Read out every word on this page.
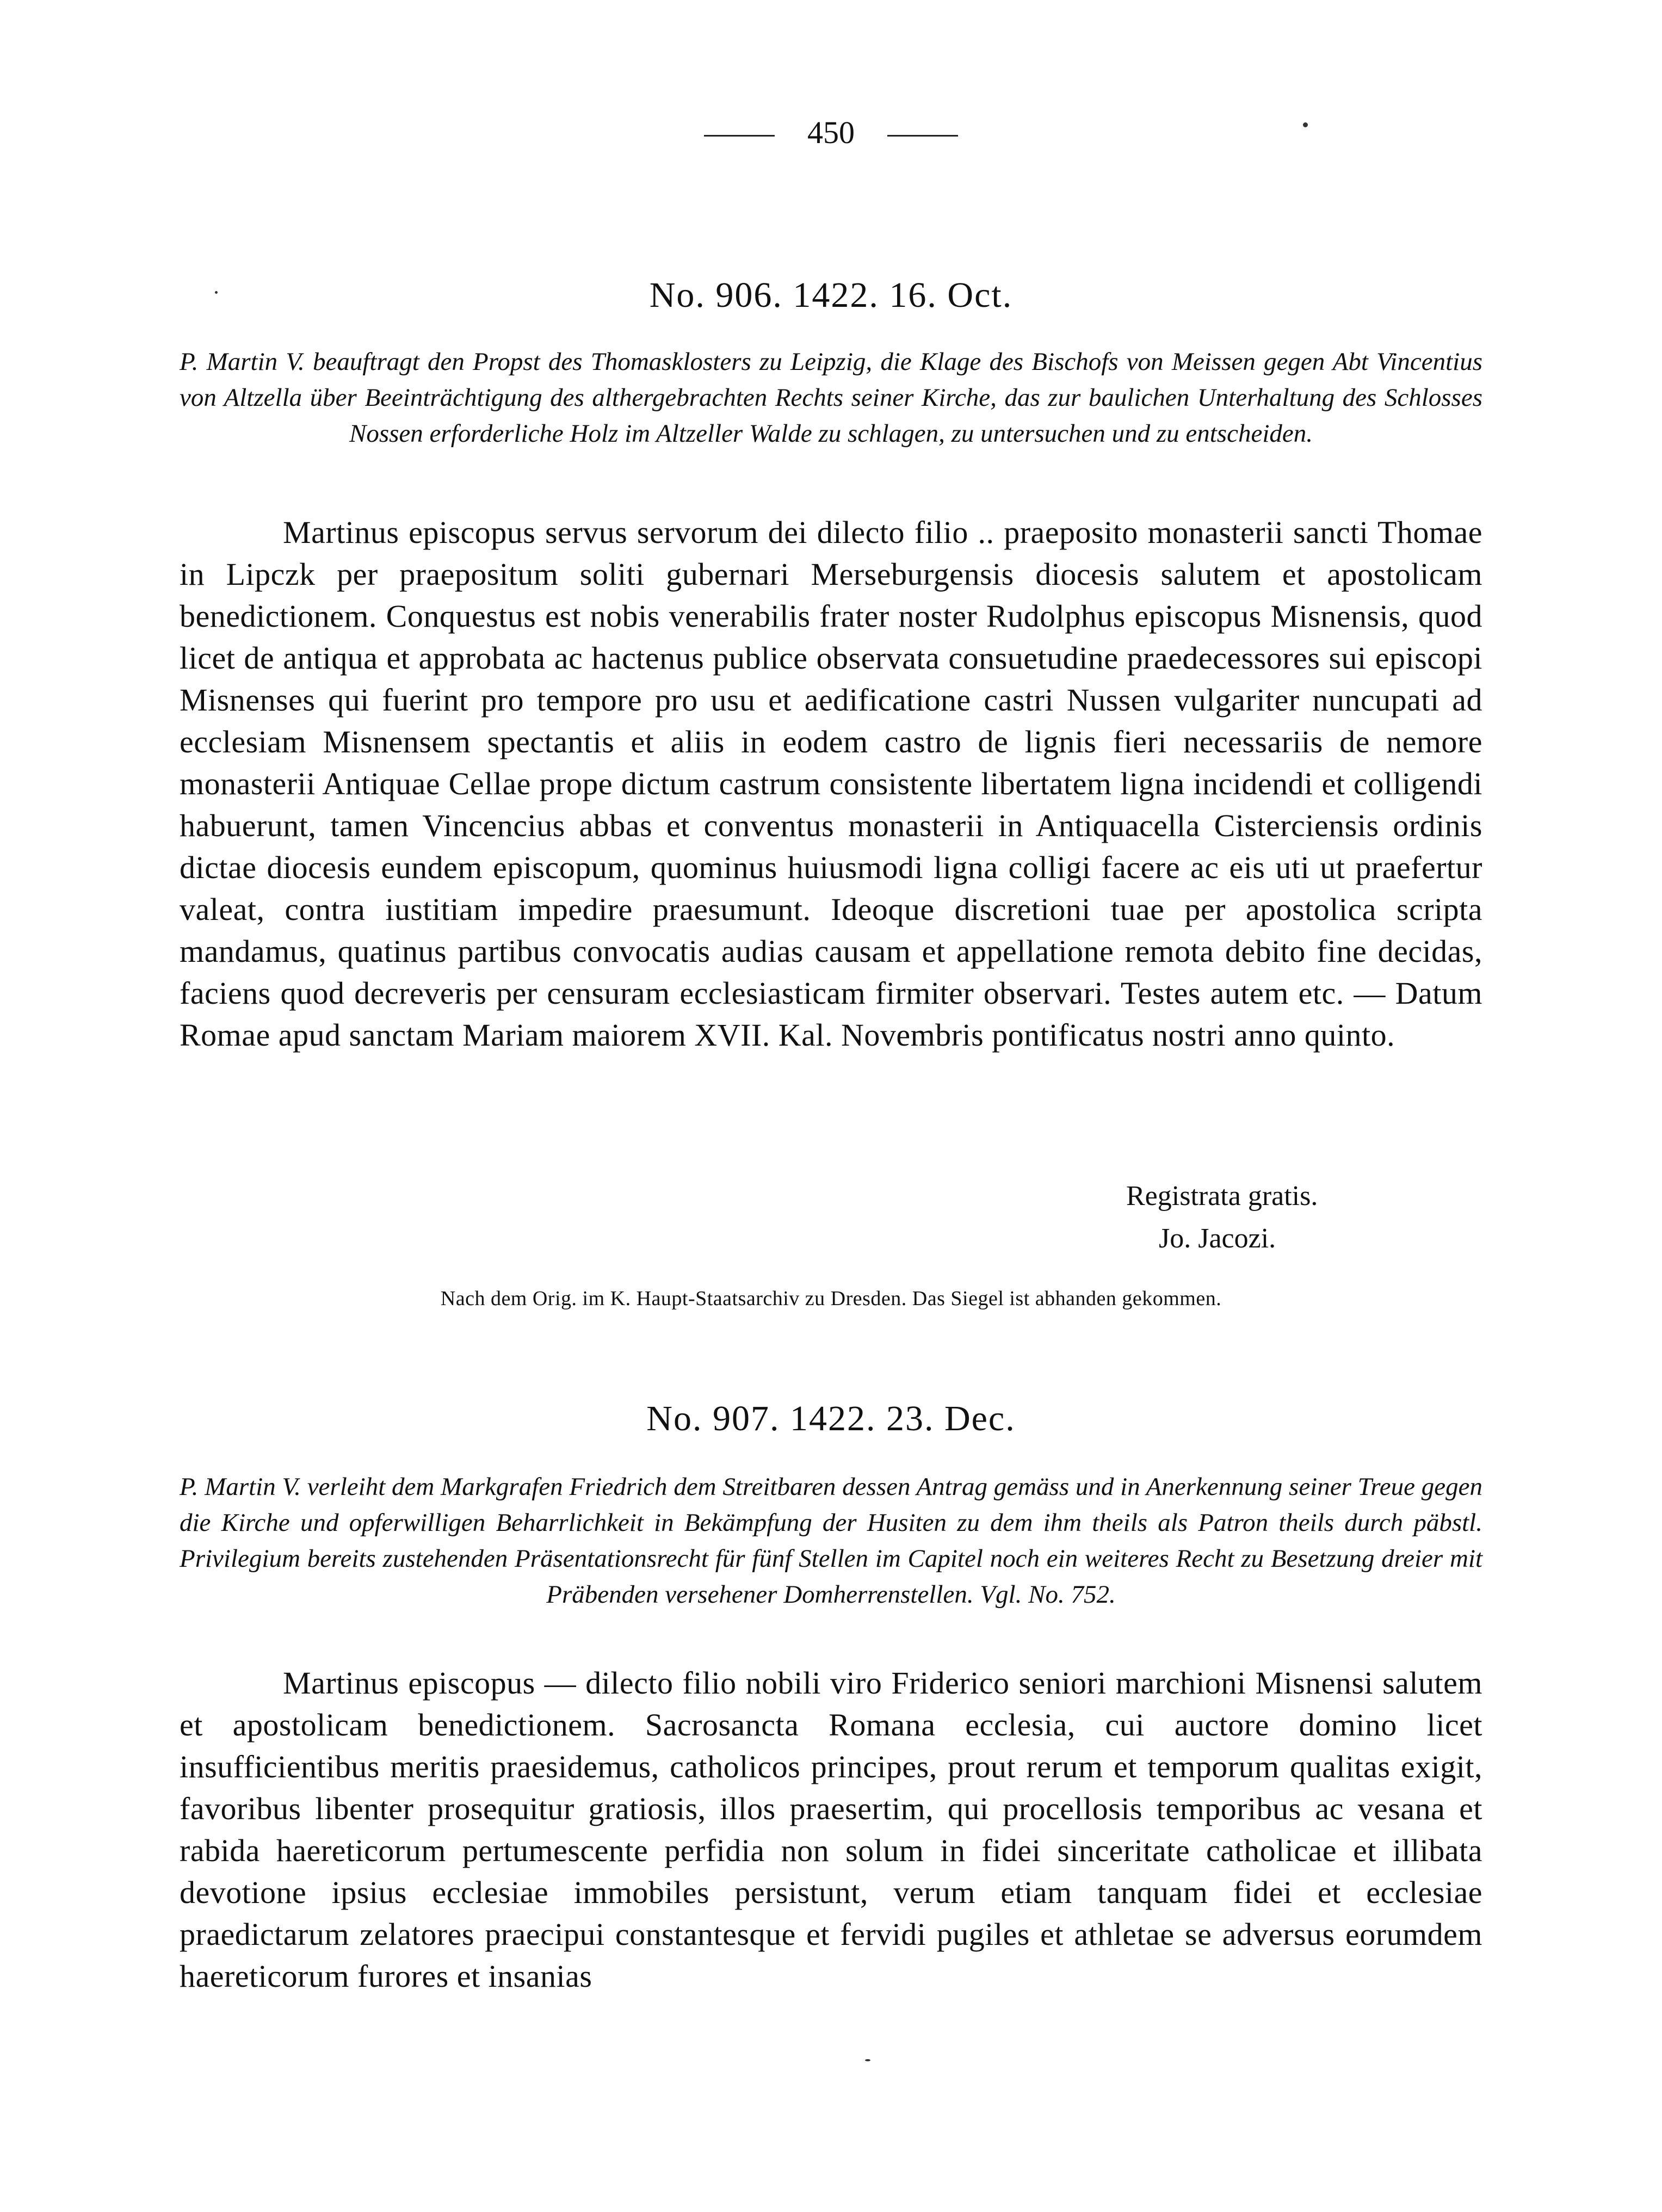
450
No. 906. 1422. 16. Oct.
P. Martin V. beauftragt den Propst des Thomasklosters zu Leipzig, die Klage des Bischofs von Meissen gegen Abt Vincentius von Altzella über Beeinträchtigung des althergebrachten Rechts seiner Kirche, das zur baulichen Unterhaltung des Schlosses Nossen erforderliche Holz im Altzeller Walde zu schlagen, zu untersuchen und zu entscheiden.
Martinus episcopus servus servorum dei dilecto filio .. praeposito monasterii sancti Thomae in Lipczk per praepositum soliti gubernari Merseburgensis diocesis salutem et apostolicam benedictionem. Conquestus est nobis venerabilis frater noster Rudolphus episcopus Misnensis, quod licet de antiqua et approbata ac hactenus publice observata consuetudine praedecessores sui episcopi Misnenses qui fuerint pro tempore pro usu et aedificatione castri Nussen vulgariter nuncupati ad ecclesiam Misnensem spectantis et aliis in eodem castro de lignis fieri necessariis de nemore monasterii Antiquae Cellae prope dictum castrum consistente libertatem ligna incidendi et colligendi habuerunt, tamen Vincencius abbas et conventus monasterii in Antiquacella Cisterciensis ordinis dictae diocesis eundem episcopum, quominus huiusmodi ligna colligi facere ac eis uti ut praefertur valeat, contra iustitiam impedire praesumunt. Ideoque discretioni tuae per apostolica scripta mandamus, quatinus partibus convocatis audias causam et appellatione remota debito fine decidas, faciens quod decreveris per censuram ecclesiasticam firmiter observari. Testes autem etc. — Datum Romae apud sanctam Mariam maiorem XVII. Kal. Novembris pontificatus nostri anno quinto.
Registrata gratis.
Jo. Jacozi.
Nach dem Orig. im K. Haupt-Staatsarchiv zu Dresden. Das Siegel ist abhanden gekommen.
No. 907. 1422. 23. Dec.
P. Martin V. verleiht dem Markgrafen Friedrich dem Streitbaren dessen Antrag gemäss und in Anerkennung seiner Treue gegen die Kirche und opferwilligen Beharrlichkeit in Bekämpfung der Husiten zu dem ihm theils als Patron theils durch päbstl. Privilegium bereits zustehenden Präsentationsrecht für fünf Stellen im Capitel noch ein weiteres Recht zu Besetzung dreier mit Präbenden versehener Domherrenstellen. Vgl. No. 752.
Martinus episcopus — dilecto filio nobili viro Friderico seniori marchioni Misnensi salutem et apostolicam benedictionem. Sacrosancta Romana ecclesia, cui auctore domino licet insufficientibus meritis praesidemus, catholicos principes, prout rerum et temporum qualitas exigit, favoribus libenter prosequitur gratiosis, illos praesertim, qui procellosis temporibus ac vesana et rabida haereticorum pertumescente perfidia non solum in fidei sinceritate catholicae et illibata devotione ipsius ecclesiae immobiles persistunt, verum etiam tanquam fidei et ecclesiae praedictarum zelatores praecipui constantesque et fervidi pugiles et athletae se adversus eorumdem haereticorum furores et insanias
